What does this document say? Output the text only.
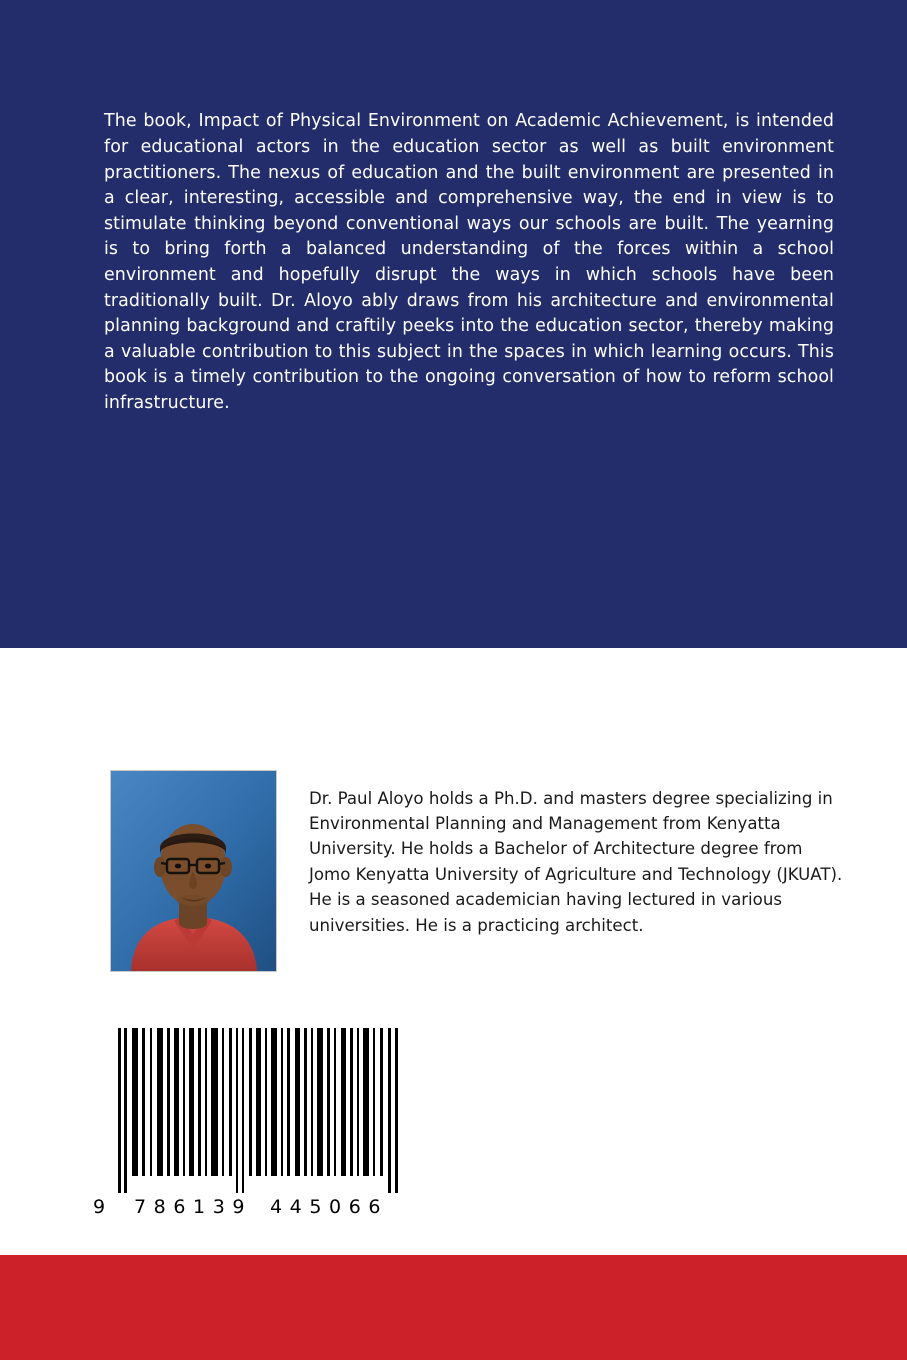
The book, Impact of Physical Environment on Academic Achievement, is intended for educational actors in the education sector as well as built environment practitioners. The nexus of education and the built environment are presented in a clear, interesting, accessible and comprehensive way, the end in view is to stimulate thinking beyond conventional ways our schools are built. The yearning is to bring forth a balanced understanding of the forces within a school environment and hopefully disrupt the ways in which schools have been traditionally built. Dr. Aloyo ably draws from his architecture and environmental planning background and craftily peeks into the education sector, thereby making a valuable contribution to this subject in the spaces in which learning occurs. This book is a timely contribution to the ongoing conversation of how to reform school infrastructure.

Dr. Paul Aloyo holds a Ph.D. and masters degree specializing in Environmental Planning and Management from Kenyatta University. He holds a Bachelor of Architecture degree from Jomo Kenyatta University of Agriculture and Technology (JKUAT). He is a seasoned academician having lectured in various universities. He is a practicing architect.

9 7  8  6  1  3  9 4  4  5  0  6  6
